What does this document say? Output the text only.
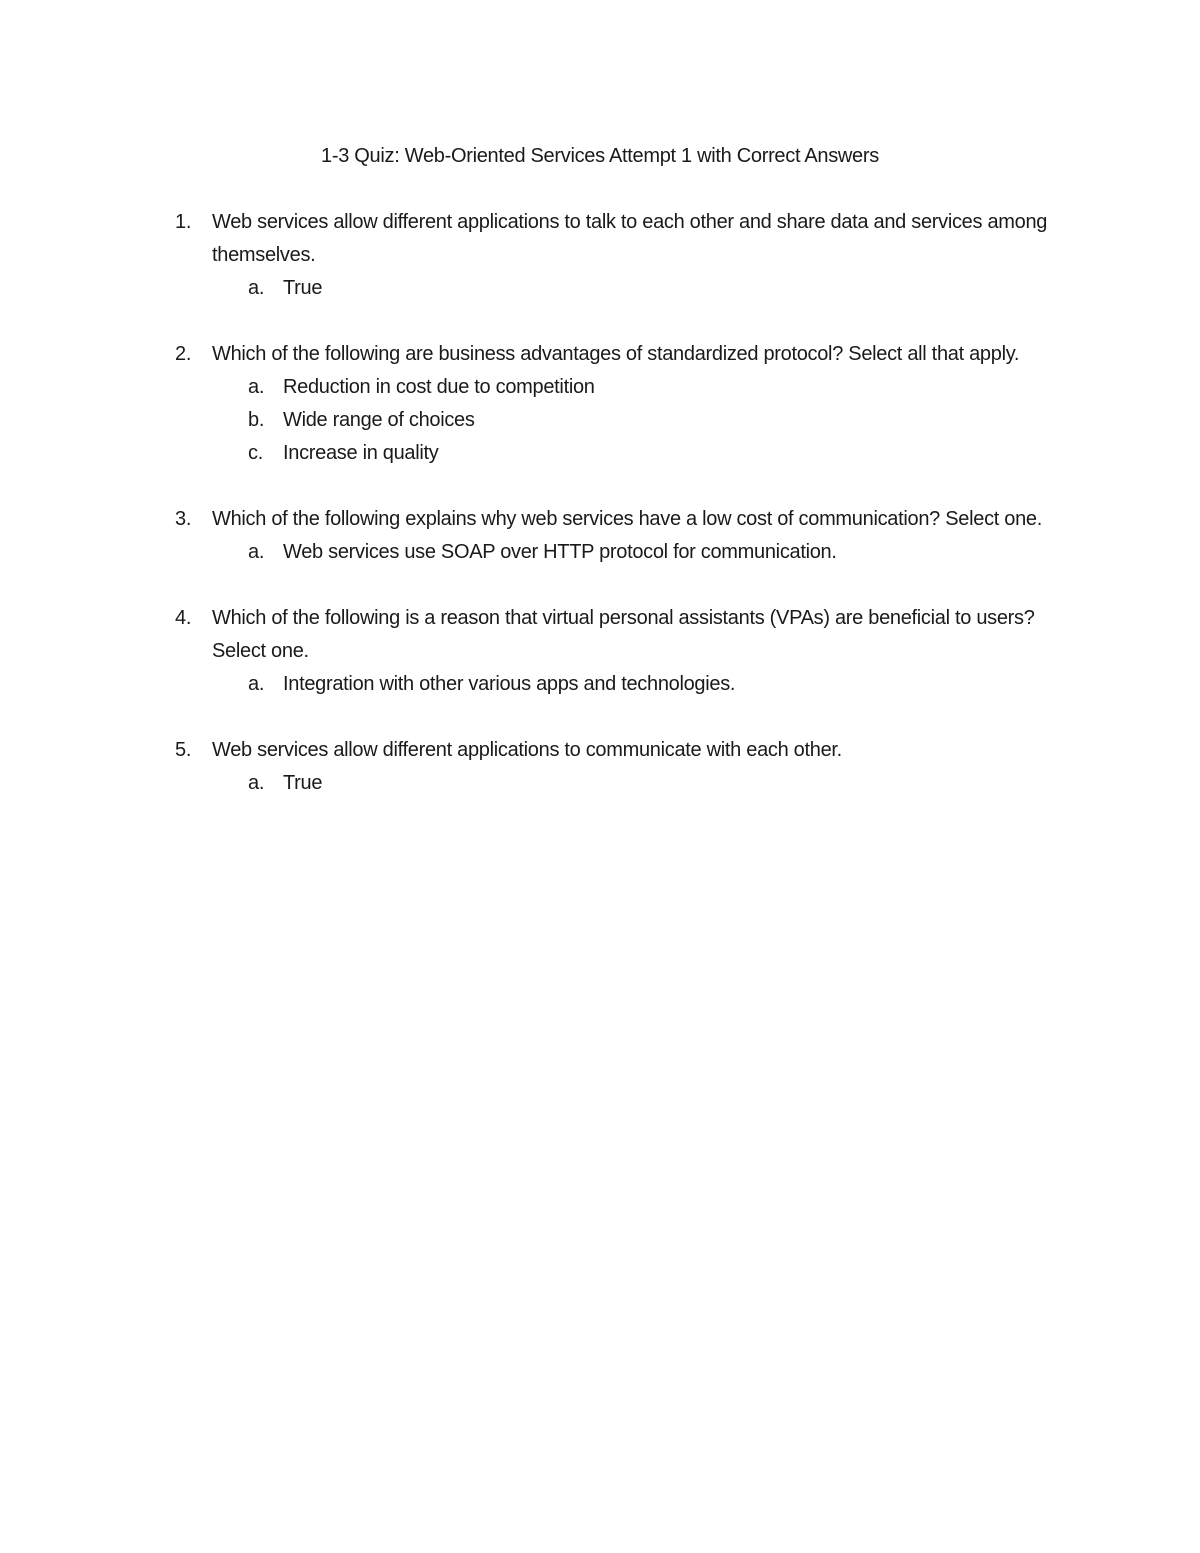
1-3 Quiz: Web-Oriented Services Attempt 1 with Correct Answers
1. Web services allow different applications to talk to each other and share data and services among themselves.
a. True
2. Which of the following are business advantages of standardized protocol? Select all that apply.
a. Reduction in cost due to competition
b. Wide range of choices
c. Increase in quality
3. Which of the following explains why web services have a low cost of communication? Select one.
a. Web services use SOAP over HTTP protocol for communication.
4. Which of the following is a reason that virtual personal assistants (VPAs) are beneficial to users? Select one.
a. Integration with other various apps and technologies.
5. Web services allow different applications to communicate with each other.
a. True
